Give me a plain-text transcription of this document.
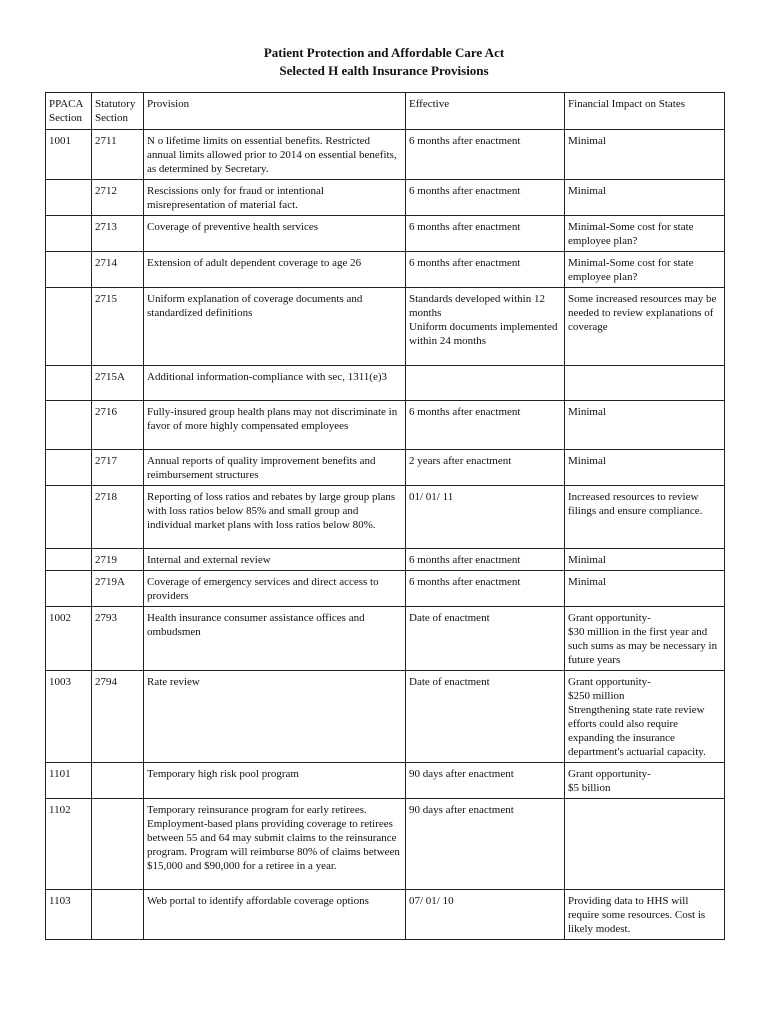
Patient Protection and Affordable Care Act
Selected H ealth Insurance Provisions
PPACA Section	Statutory Section	Provision	Effective	Financial Impact on States
1001	2711	N o lifetime limits on essential benefits. Restricted annual limits allowed prior to 2014 on essential benefits, as determined by Secretary.	6 months after enactment	Minimal
	2712	Rescissions only for fraud or intentional misrepresentation of material fact.	6 months after enactment	Minimal
	2713	Coverage of preventive health services	6 months after enactment	Minimal-Some cost for state employee plan?
	2714	Extension of adult dependent coverage to age 26	6 months after enactment	Minimal-Some cost for state employee plan?
	2715	Uniform explanation of coverage documents and standardized definitions	Standards developed within 12 months
Uniform documents implemented within 24 months	Some increased resources may be needed to review explanations of coverage
	2715A	Additional information-compliance with sec, 1311(e)3		
	2716	Fully-insured group health plans may not discriminate in favor of more highly compensated employees	6 months after enactment	Minimal
	2717	Annual reports of quality improvement benefits and reimbursement structures	2 years after enactment	Minimal
	2718	Reporting of loss ratios and rebates by large group plans with loss ratios below 85% and small group and individual market plans with loss ratios below 80%.	01/ 01/ 11	Increased resources to review filings and ensure compliance.
	2719	Internal and external review	6 months after enactment	Minimal
	2719A	Coverage of emergency services and direct access to providers	6 months after enactment	Minimal
1002	2793	Health insurance consumer assistance offices and ombudsmen	Date of enactment	Grant opportunity-
$30 million in the first year and such sums as may be necessary in future years
1003	2794	Rate review	Date of enactment	Grant opportunity-
$250 million
Strengthening state rate review efforts could also require expanding the insurance department's actuarial capacity.
1101		Temporary high risk pool program	90 days after enactment	Grant opportunity-
$5 billion
1102		Temporary reinsurance program for early retirees. Employment-based plans providing coverage to retirees between 55 and 64 may submit claims to the reinsurance program. Program will reimburse 80% of claims between $15,000 and $90,000 for a retiree in a year.	90 days after enactment	
1103		Web portal to identify affordable coverage options	07/ 01/ 10	Providing data to HHS will require some resources. Cost is likely modest.
